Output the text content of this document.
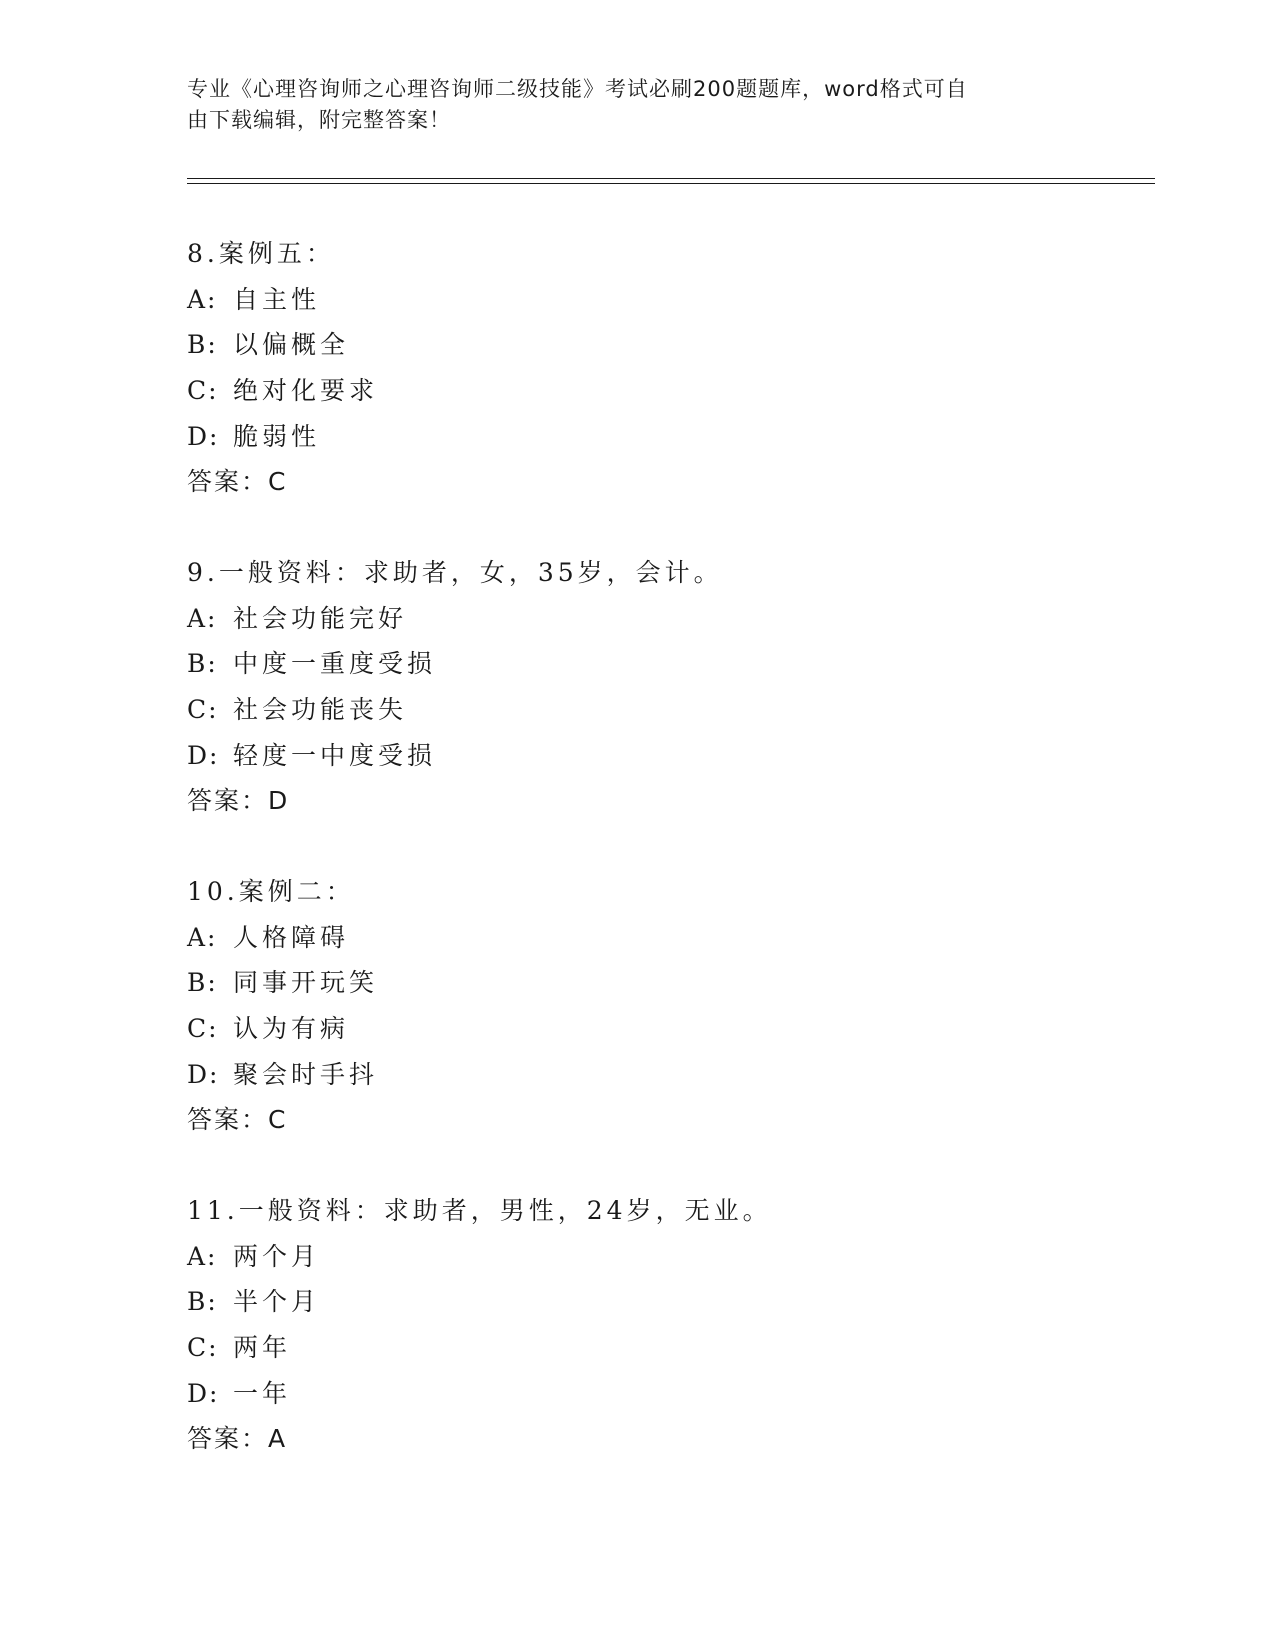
专业《心理咨询师之心理咨询师二级技能》考试必刷200题题库，word格式可自
由下载编辑，附完整答案！
8.案例五：
A: 自主性
B: 以偏概全
C: 绝对化要求
D: 脆弱性
答案：C
9.一般资料：求助者，女，35岁，会计。
A: 社会功能完好
B: 中度一重度受损
C: 社会功能丧失
D: 轻度一中度受损
答案：D
10.案例二：
A: 人格障碍
B: 同事开玩笑
C: 认为有病
D: 聚会时手抖
答案：C
11.一般资料：求助者，男性，24岁，无业。
A: 两个月
B: 半个月
C: 两年
D: 一年
答案：A
